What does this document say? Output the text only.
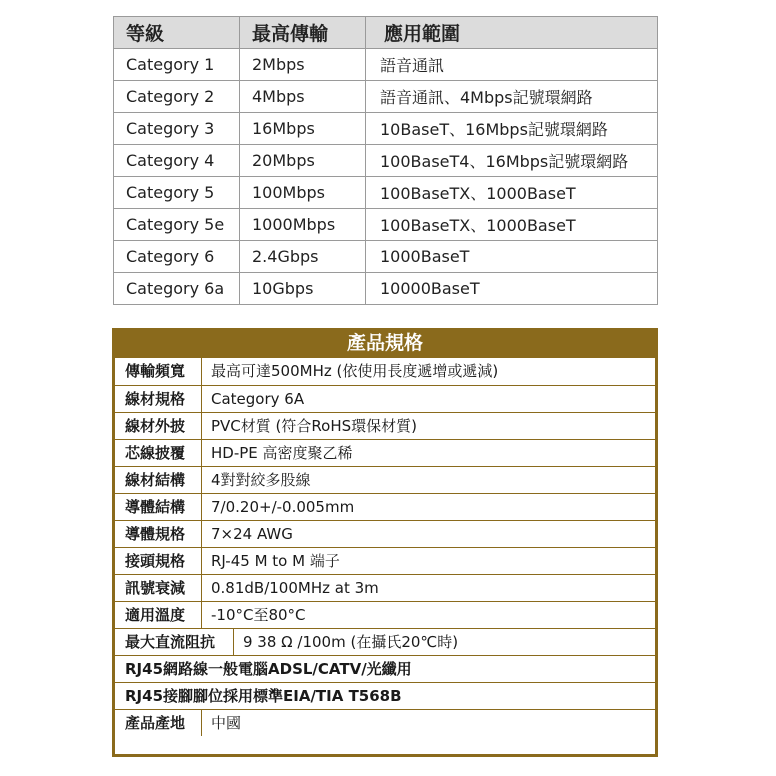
等級	最高傳輸	應用範圍
Category 1	2Mbps	語音通訊
Category 2	4Mbps	語音通訊、4Mbps記號環網路
Category 3	16Mbps	10BaseT、16Mbps記號環網路
Category 4	20Mbps	100BaseT4、16Mbps記號環網路
Category 5	100Mbps	100BaseTX、1000BaseT
Category 5e	1000Mbps	100BaseTX、1000BaseT
Category 6	2.4Gbps	1000BaseT
Category 6a	10Gbps	10000BaseT
產品規格
傳輸頻寬	最高可達500MHz (依使用長度遞增或遞減)
線材規格	Category 6A
線材外披	PVC材質 (符合RoHS環保材質)
芯線披覆	HD-PE 高密度聚乙稀
線材結構	4對對絞多股線
導體結構	7/0.20+/-0.005mm
導體規格	7×24 AWG
接頭規格	RJ-45 M to M 端子
訊號衰減	0.81dB/100MHz at 3m
適用溫度	-10°C至80°C
最大直流阻抗	9 38 Ω /100m (在攝氏20℃時)
RJ45網路線一般電腦ADSL/CATV/光纖用
RJ45接腳腳位採用標準EIA/TIA T568B
產品產地	中國
